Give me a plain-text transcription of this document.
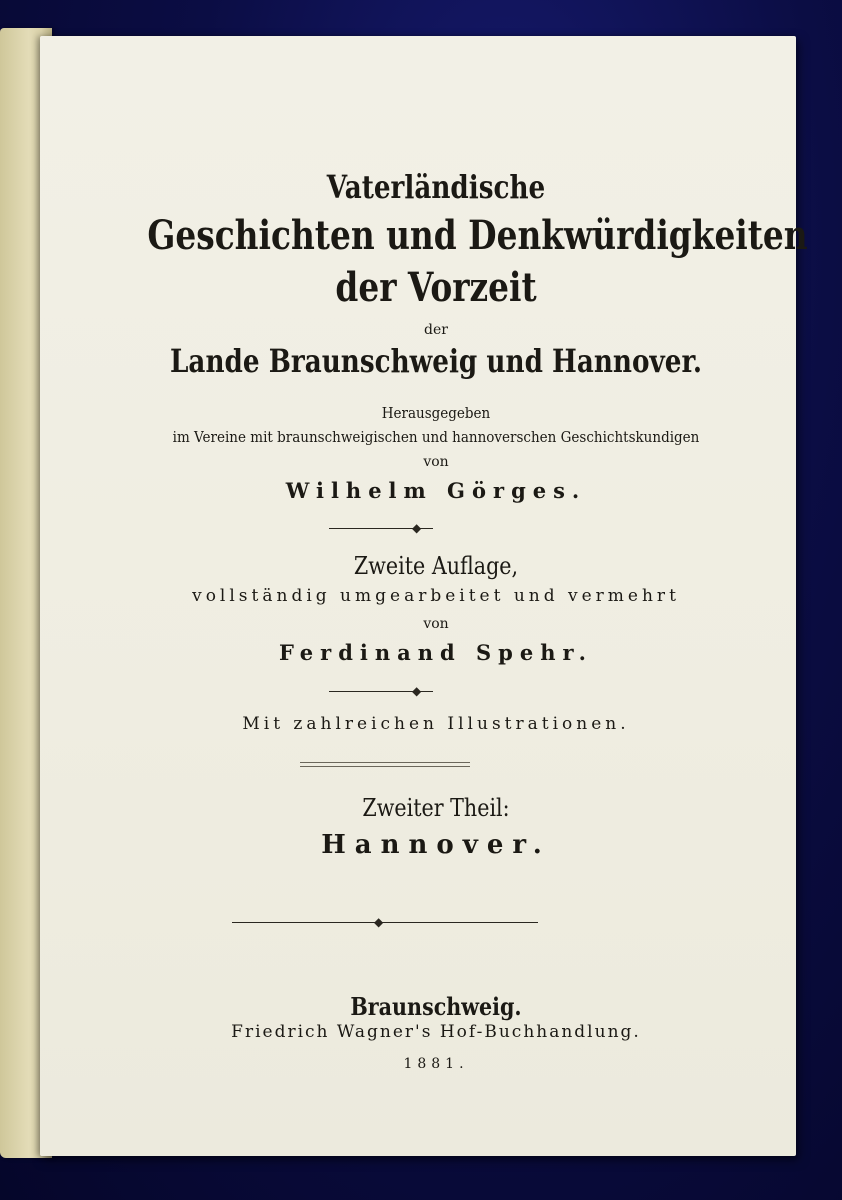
Vaterländische
Geschichten und Denkwürdigkeiten
der Vorzeit
der
Lande Braunschweig und Hannover.
Herausgegeben
im Vereine mit braunschweigischen und hannoverschen Geschichtskundigen
von
Wilhelm Görges.
◆
Zweite Auflage,
vollständig umgearbeitet und vermehrt
von
Ferdinand Spehr.
◆
Mit zahlreichen Illustrationen.
Zweiter Theil:
Hannover.
◆
Braunschweig.
Friedrich Wagner's Hof-Buchhandlung.
1881.
